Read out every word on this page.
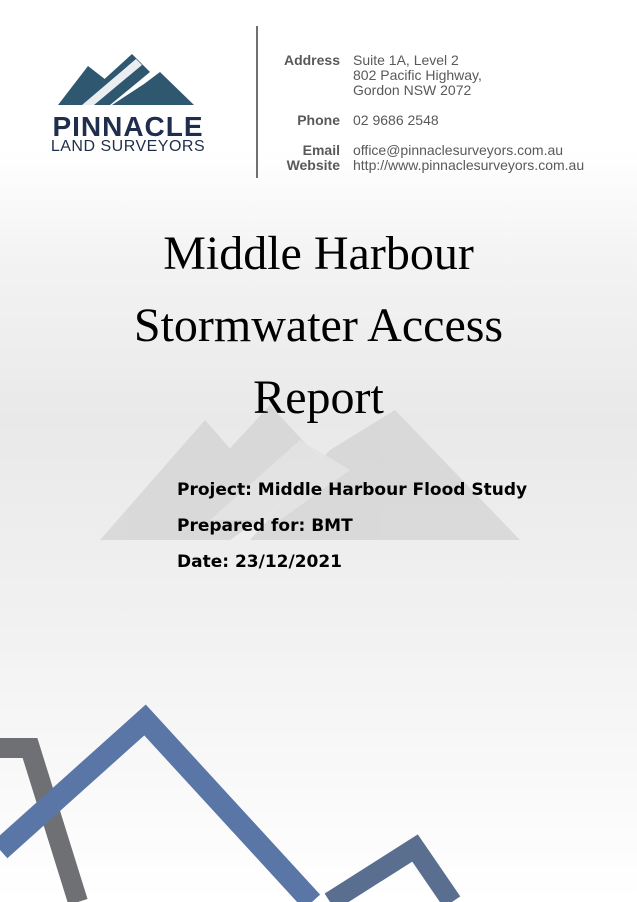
PINNACLE
LAND SURVEYORS
Address Suite 1A, Level 2
802 Pacific Highway,
Gordon NSW 2072
Phone 02 9686 2548
Email office@pinnaclesurveyors.com.au
Website http://www.pinnaclesurveyors.com.au
Middle Harbour
Stormwater Access
Report
Project: Middle Harbour Flood Study
Prepared for: BMT
Date: 23/12/2021
